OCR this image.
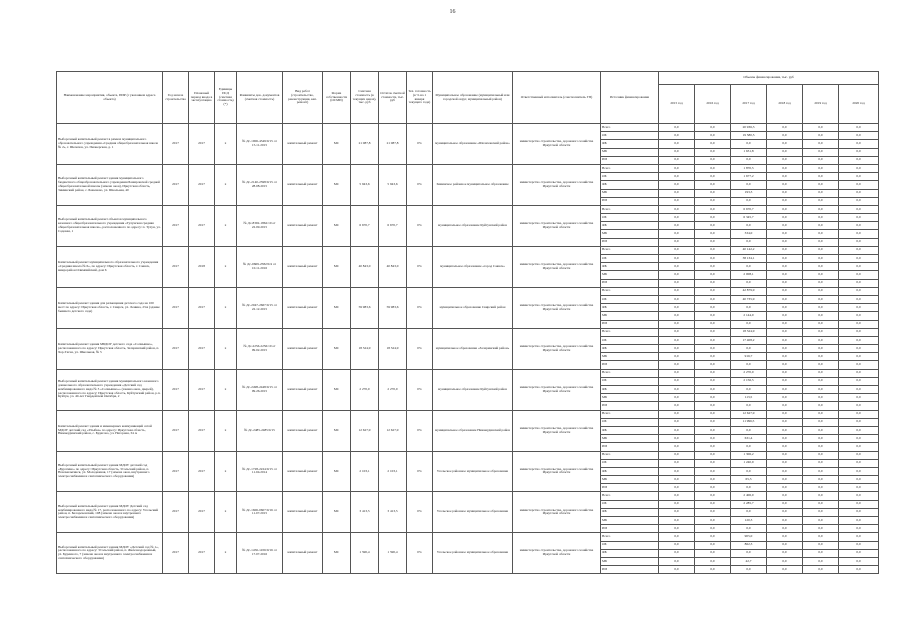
16
Наименование мероприятия, объекта, ПИР (с указанием адреса объекта)	Год начала строительства	Плановый период ввода в эксплуатацию	Единицы ПСД (сметная стоимость) (*)	Реквизиты док. документов (сметная стоимость)	Вид работ (строительство, реконструкция, кап. ремонт)	Форма собственности (ОСМИ)	Сметная стоимость (в текущих ценах), тыс. руб	Остаток сметной стоимости, тыс. руб	Тех. готовность (в % на 1 января текущего года)	Муниципальное образование (муниципальный или городской округ, муниципальный район)	Ответственный исполнитель (соисполнитель ГП)	Источник финансирования	Объемы финансирования, тыс. руб					
													2015 год	2016 год	2017 год	2018 год	2019 год	2020 год
Выборочный капитальный ремонт в рамках муниципального образовательного учреждения «Средняя общеобразовательная школа № 2», г. Шелехов, ул. Пионерская, д. 1	2017	2017	х	№ Дс-1906-4349/0/15 от 15.11.2015	капитальный ремонт	МС	21 087,8	21 087,8	0%	муниципальное образование «Шелеховский район»	министерство строительства, дорожного хозяйства Иркутской области	Всего	0,0	0,0	20 936,3	0,0	0,0	0,0
												ОБ	0,0	0,0	19 580,5	0,0	0,0	0,0
												ФБ	0,0	0,0	0,0	0,0	0,0	0,0
												МБ	0,0	0,0	1 631,8	0,0	0,0	0,0
												ИИ	0,0	0,0	0,0	0,0	0,0	0,0
Выборочный капитальный ремонт здания муниципального бюджетного общеобразовательного учреждения Бажировской средней общеобразовательной школы (замена окон), Иркутская область, Зиминский район, с. Баженово, ул. Школьная, 40	2017	2017	х	№ Дс-2140-2598/0/15 от 28.08.2015	капитальный ремонт	МС	5 943,6	5 943,6	0%	Зиминское районное муниципальное образование	министерство строительства, дорожного хозяйства Иркутской области	Всего	0,0	0,0	1 870,5	0,0	0,0	0,0
												ОБ	0,0	0,0	1 677,2	0,0	0,0	0,0
												ФБ	0,0	0,0	0,0	0,0	0,0	0,0
												МБ	0,0	0,0	193,3	0,0	0,0	0,0
												ИИ	0,0	0,0	0,0	0,0	0,0	0,0
Выборочный капитальный ремонт объектов муниципального казенного общеобразовательного учреждения «Тулунская средняя общеобразовательная школа», расположенного по адресу: п. Тулун, ул. Садовая, 1	2017	2017	х	№ Дс-8392-1862/10 от 22.09.2015	капитальный ремонт	МС	6 670,7	6 670,7	0%	муниципальное образование Куйтунский район	министерство строительства, дорожного хозяйства Иркутской области	Всего	0,0	0,0	6 670,7	0,0	0,0	0,0
												ОБ	0,0	0,0	6 345,7	0,0	0,0	0,0
												ФБ	0,0	0,0	0,0	0,0	0,0	0,0
												МБ	0,0	0,0	334,0	0,0	0,0	0,0
												ИИ	0,0	0,0	0,0	0,0	0,0	0,0
Капитальный ремонт муниципального образовательного учреждения «Средняя школа № 6», по адресу: Иркутская область, г. Саянск, микрорайон Олимпийский, дом 6	2017	2018	х	№ Дс-0669-2582/0/4 от 10.11.2016	капитальный ремонт	МС	40 843,0	40 843,0	0%	муниципальное образование «город Саянск»	министерство строительства, дорожного хозяйства Иркутской области	Всего	0,0	0,0	40 142,2	0,0	0,0	0,0
												ОБ	0,0	0,0	38 134,1	0,0	0,0	0,0
												ФБ	0,0	0,0	0,0	0,0	0,0	0,0
												МБ	0,0	0,0	2 008,1	0,0	0,0	0,0
												ИИ	0,0	0,0	0,0	0,0	0,0	0,0
Капитальный ремонт здания для размещения детского сада на 100 мест по адресу: Иркутская область, г. Свирск, ул. Ленина, 23А (здание бывшего детского сада)	2017	2017	х	№ Дс-2047-2667/0/15 от 22.12.2015	капитальный ремонт	МС	59 983,6	59 983,6	0%	муниципальное образование Свирский район	министерство строительства, дорожного хозяйства Иркутской области	Всего	0,0	0,0	42 879,9	0,0	0,0	0,0
												ОБ	0,0	0,0	40 735,9	0,0	0,0	0,0
												ФБ	0,0	0,0	0,0	0,0	0,0	0,0
												МБ	0,0	0,0	2 144,0	0,0	0,0	0,0
												ИИ	0,0	0,0	0,0	0,0	0,0	0,0
Капитальный ремонт здания МБДОУ детского сада «Солнышко», расположенного по адресу: Иркутская область, Заларинский район, п. Хор-Тагна, ул. Школьная, № 5	2017	2017	х	№ Дс-2256-2256/10 от 09.02.2015	капитальный ремонт	МС	18 324,9	18 324,9	0%	муниципальное образование «Заларинский район»	министерство строительства, дорожного хозяйства Иркутской области	Всего	0,0	0,0	18 324,9	0,0	0,0	0,0
												ОБ	0,0	0,0	17 408,2	0,0	0,0	0,0
												ФБ	0,0	0,0	0,0	0,0	0,0	0,0
												МБ	0,0	0,0	916,7	0,0	0,0	0,0
												ИИ	0,0	0,0	0,0	0,0	0,0	0,0
Выборочный капитальный ремонт здания муниципального казенного дошкольного образовательного учреждения «Детский сад комбинированного вида № 3 «Солнышко»» (замена окон, дверей), расположенного по адресу: Иркутская область, Куйтунский район, р.п. Куйтун, ул. 40-лет Гвардейской Октября, 2	2017	2017	х	№ Дс-2498-2448/0/15 от 09.26.2015	капитальный ремонт	МС	2 270,0	2 270,0	0%	муниципальное образование Куйтунский район	министерство строительства, дорожного хозяйства Иркутской области	Всего	0,0	0,0	2 270,0	0,0	0,0	0,0
												ОБ	0,0	0,0	2 156,5	0,0	0,0	0,0
												ФБ	0,0	0,0	0,0	0,0	0,0	0,0
												МБ	0,0	0,0	113,5	0,0	0,0	0,0
												ИИ	0,0	0,0	0,0	0,0	0,0	0,0
Капитальный ремонт здания и инженерных коммуникаций сетей МДОУ детский сад «Улыбка» по адресу: Иркутская область, Нижнеудинский район, с. Будагово, ул. Нагорная, 34 А	2017	2017	х	№ Дс-2485-2485/0/15	капитальный ремонт	МС	12 627,9	12 627,9	0%	муниципальное образование Нижнеудинский район	министерство строительства, дорожного хозяйства Иркутской области	Всего	0,0	0,0	12 627,9	0,0	0,0	0,0
												ОБ	0,0	0,0	11 996,5	0,0	0,0	0,0
												ФБ	0,0	0,0	0,0	0,0	0,0	0,0
												МБ	0,0	0,0	631,4	0,0	0,0	0,0
												ИИ	0,0	0,0	0,0	0,0	0,0	0,0
Выборочный капитальный ремонт здания МДОУ детский сад «Буратино» по адресу: Иркутская область, Усольский район, п. Новомальтинск, ул. Молодежная, 17 (замена окон, внутреннего электроснабжения и сантехнического оборудования)	2017	2017	х	№ Дс-1728-2224/0/15 от 11.04.2014	капитальный ремонт	МС	2 103,1	2 103,1	0%	Усольское районное муниципальное образование	министерство строительства, дорожного хозяйства Иркутской области	Всего	0,0	0,0	1 306,2	0,0	0,0	0,0
												ОБ	0,0	0,0	1 240,9	0,0	0,0	0,0
												ФБ	0,0	0,0	0,0	0,0	0,0	0,0
												МБ	0,0	0,0	65,3	0,0	0,0	0,0
												ИИ	0,0	0,0	0,0	0,0	0,0	0,0
Выборочный капитальный ремонт здания МДОУ Детский сад комбинированного вида № 17, расположенного по адресу: Усольский район, п. Белореченский, 108 (замена окон и внутреннего электроснабжения и сантехнического оборудования)	2017	2017	х	№ Дс-1606-0607/0/16 от 11.07.2015	капитальный ремонт	МС	3 413,5	3 413,5	0%	Усольское районное муниципальное образование	министерство строительства, дорожного хозяйства Иркутской области	Всего	0,0	0,0	2 406,0	0,0	0,0	0,0
												ОБ	0,0	0,0	2 285,7	0,0	0,0	0,0
												ФБ	0,0	0,0	0,0	0,0	0,0	0,0
												МБ	0,0	0,0	120,3	0,0	0,0	0,0
												ИИ	0,0	0,0	0,0	0,0	0,0	0,0
Выборочный капитальный ремонт здания МДОУ «Детский сад № 1», расположенного по адресу: Усольский район, п. Железнодорожный, ул. Буденного, 7 (замена окон и внутреннего электроснабжения и сантехнического оборудования)	2017	2017	х	№ Дс-1456-1456/0/16 от 17.07.2016	капитальный ремонт	МС	1 590,4	1 590,4	0%	Усольское районное муниципальное образование	министерство строительства, дорожного хозяйства Иркутской области	Всего	0,0	0,0	905,0	0,0	0,0	0,0
												ОБ	0,0	0,0	862,3	0,0	0,0	0,0
												ФБ	0,0	0,0	0,0	0,0	0,0	0,0
												МБ	0,0	0,0	42,7	0,0	0,0	0,0
												ИИ	0,0	0,0	0,0	0,0	0,0	0,0
